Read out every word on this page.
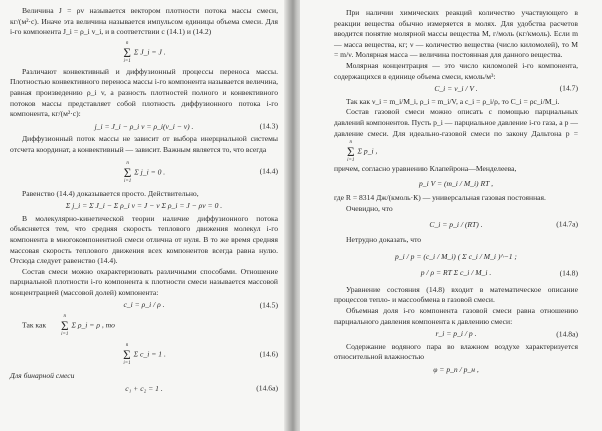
Величина J = ρv называется вектором плотности потока массы смеси, кг/(м²·с). Иначе эта величина называется импульсом единицы объема смеси. Для i-го компонента J_i = ρ_i v_i, и в соответствии с (14.1) и (14.2)

n
Σ
i=1
Σ J_i = J .

Различают конвективный и диффузионный процессы переноса массы. Плотностью конвективного переноса массы i-го компонента называется величина, равная произведению ρ_i v, а разность плотностей полного и конвективного потоков массы представляет собой плотность диффузионного потока i-го компонента, кг/(м²·с):

j_i = J_i − ρ_i v = ρ_i(v_i − v) .	(14.3)

Диффузионный поток массы не зависит от выбора инерциальной системы отсчета координат, а конвективный — зависит. Важным является то, что всегда

n
Σ
i=1
Σ j_i = 0 .	(14.4)

Равенство (14.4) доказывается просто. Действительно,

Σ j_i = Σ J_i − Σ ρ_i v = J − v Σ ρ_i = J − ρv = 0 .

В молекулярно-кинетической теории наличие диффузионного потока объясняется тем, что средняя скорость теплового движения молекул i-го компонента в многокомпонентной смеси отлична от нуля. В то же время средняя массовая скорость теплового движения всех компонентов всегда равна нулю. Отсюда следует равенство (14.4).

Состав смеси можно охарактеризовать различными способами. Отношение парциальной плотности i-го компонента к плотности смеси называется массовой концентрацией (массовой долей) компонента:

c_i = ρ_i / ρ .	(14.5)

Так как
n
Σ
i=1
Σ ρ_i = ρ , то

n
Σ
i=1
Σ c_i = 1 .	(14.6)

Для бинарной смеси

c₁ + c₂ = 1 .	(14.6a)

При наличии химических реакций количество участвующего в реакции вещества обычно измеряется в молях. Для удобства расчетов вводится понятие молярной массы вещества M, г/моль (кг/кмоль). Если m — масса вещества, кг; ν — количество вещества (число киломолей), то M = m/ν. Молярная масса — величина постоянная для данного вещества.

Молярная концентрация — это число киломолей i-го компонента, содержащихся в единице объема смеси, кмоль/м³:

C_i = ν_i / V .	(14.7)

Так как ν_i = m_i/M_i, ρ_i = m_i/V, а c_i = ρ_i/ρ, то C_i = ρc_i/M_i.

Состав газовой смеси можно описать с помощью парциальных давлений компонентов. Пусть p_i — парциальное давление i-го газа, а p — давление смеси. Для идеально-газовой смеси по закону Дальтона p =
n
Σ
i=1
Σ p_i ,

причем, согласно уравнению Клапейрона—Менделеева,

p_i V = (m_i / M_i) RT ,

где R = 8314 Дж/(кмоль·К) — универсальная газовая постоянная.

Очевидно, что

C_i = p_i / (RT) .	(14.7a)

Нетрудно доказать, что

p_i / p = (c_i / M_i) ( Σ c_i / M_i )^−1 ;
p / ρ = RT Σ c_i / M_i .	(14.8)

Уравнение состояния (14.8) входит в математическое описание процессов тепло- и массообмена в газовой смеси.

Объемная доля i-го компонента газовой смеси равна отношению парциального давления компонента к давлению смеси:

r_i = p_i / p .	(14.8a)

Содержание водяного пара во влажном воздухе характеризуется относительной влажностью

φ = p_п / p_н ,
